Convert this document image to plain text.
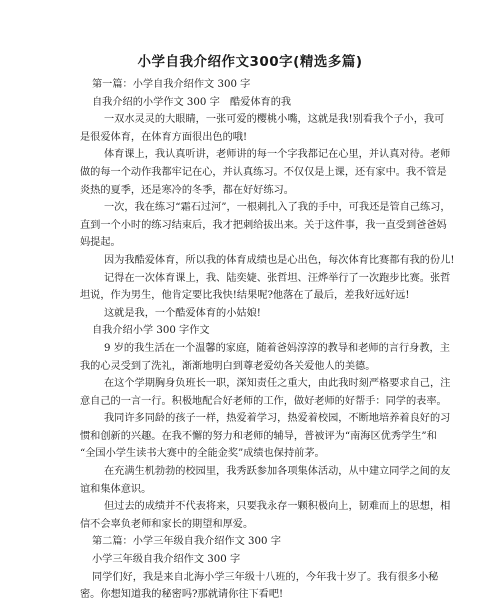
小学自我介绍作文300字(精选多篇)
第一篇：小学自我介绍作文 300 字
自我介绍的小学作文 300 字　酷爱体育的我
一双水灵灵的大眼睛，一张可爱的樱桃小嘴，这就是我!别看我个子小，我可
是很爱体育，在体育方面很出色的哦!
体育课上，我认真听讲，老师讲的每一个字我都记在心里，并认真对待。老师
做的每一个动作我都牢记在心，并认真练习。不仅仅是上课，还有家中。我不管是
炎热的夏季，还是寒冷的冬季，都在好好练习。
一次，我在练习“霜石过河”，一根刺扎入了我的手中，可我还是管自己练习，
直到一个小时的练习结束后，我才把刺给拔出来。关于这件事，我一直受到爸爸妈
妈提起。
因为我酷爱体育，所以我的体育成绩也是心出色，每次体育比赛都有我的份儿!
记得在一次体育课上，我、陆奕婕、张哲坦、汪烨举行了一次跑步比赛。张哲
坦说，作为男生，他肯定要比我快!结果呢?他落在了最后，差我好远好远!
这就是我，一个酷爱体育的小姑娘!
自我介绍小学 300 字作文
9 岁的我生活在一个温馨的家庭，随着爸妈淳淳的教导和老师的言行身教，主
我的心灵受到了洗礼，渐渐地明白到尊老爱幼各关爱他人的美德。
在这个学期胸身负班长一职，深知责任之重大，由此我时刻严格要求自己，注
意自己的一言一行。积极地配合好老师的工作，做好老师的好帮手：同学的表率。
我同许多同龄的孩子一样，热爱着学习，热爱着校园，不断地培养着良好的习
惯和创新的兴趣。在我不懈的努力和老师的辅导，普被评为“南海区优秀学生”和
“全国小学生读书大赛中的全能金奖”成绩也保持前茅。
在充满生机勃勃的校园里，我秀跃参加各项集体活动，从中建立同学之间的友
谊和集体意识。
但过去的成绩并不代表将来，只要我永存一颗积极向上，韧难而上的思想，相
信不会辜负老师和家长的期望和厚爱。
第二篇：小学三年级自我介绍作文 300 字
小学三年级自我介绍作文 300 字
同学们好，我是来自北海小学三年级十八班的，今年我十岁了。我有很多小秘
密。你想知道我的秘密吗?那就请你往下看吧!
